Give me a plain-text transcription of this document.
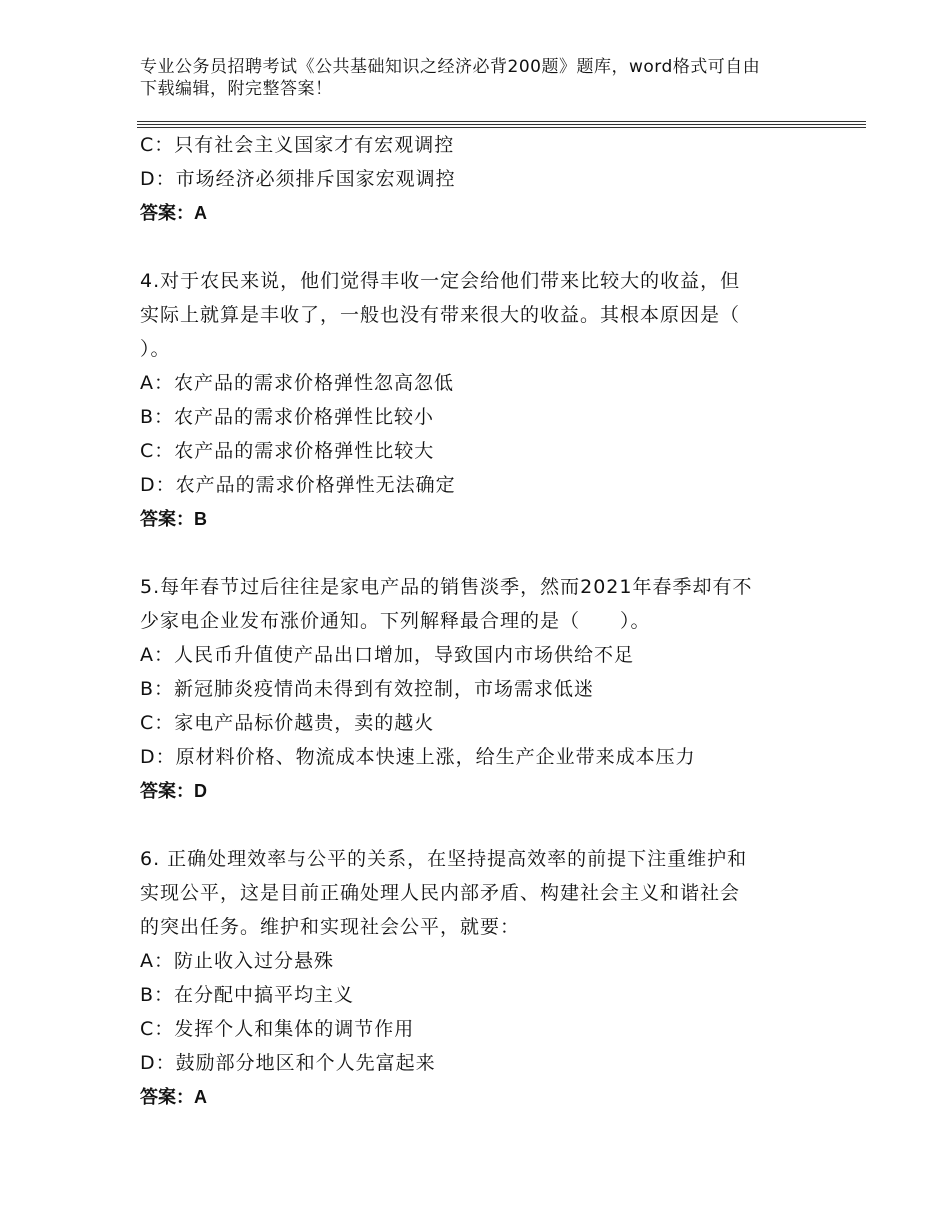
专业公务员招聘考试《公共基础知识之经济必背200题》题库，word格式可自由
下载编辑，附完整答案！
C：只有社会主义国家才有宏观调控
D：市场经济必须排斥国家宏观调控
答案：A
4.对于农民来说，他们觉得丰收一定会给他们带来比较大的收益，但
实际上就算是丰收了，一般也没有带来很大的收益。其根本原因是（
）。
A：农产品的需求价格弹性忽高忽低
B：农产品的需求价格弹性比较小
C：农产品的需求价格弹性比较大
D：农产品的需求价格弹性无法确定
答案：B
5.每年春节过后往往是家电产品的销售淡季，然而2021年春季却有不
少家电企业发布涨价通知。下列解释最合理的是（　　）。
A：人民币升值使产品出口增加，导致国内市场供给不足
B：新冠肺炎疫情尚未得到有效控制，市场需求低迷
C：家电产品标价越贵，卖的越火
D：原材料价格、物流成本快速上涨，给生产企业带来成本压力
答案：D
6. 正确处理效率与公平的关系，在坚持提高效率的前提下注重维护和
实现公平，这是目前正确处理人民内部矛盾、构建社会主义和谐社会
的突出任务。维护和实现社会公平，就要：
A：防止收入过分悬殊
B：在分配中搞平均主义
C：发挥个人和集体的调节作用
D：鼓励部分地区和个人先富起来
答案：A
